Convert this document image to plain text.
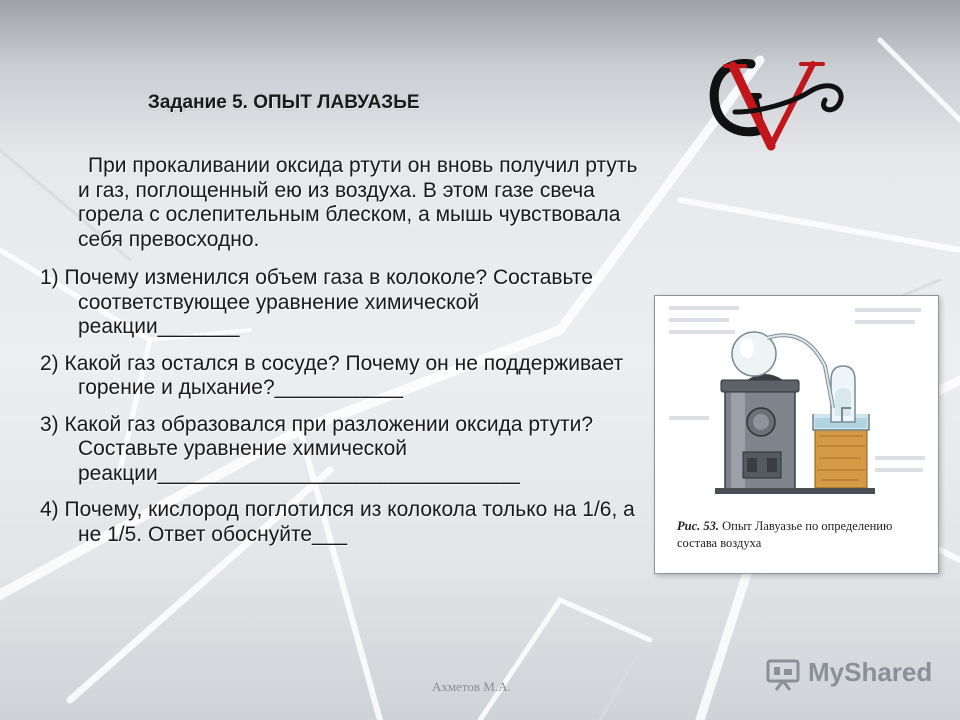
Задание 5. ОПЫТ ЛАВУАЗЬЕ

При прокаливании оксида ртути он вновь получил ртуть и газ, поглощенный ею из воздуха. В этом газе свеча горела с ослепительным блеском, а мышь чувствовала себя превосходно.

1) Почему изменился объем газа в колоколе? Составьте соответствующее уравнение химической реакции_______

2) Какой газ остался в сосуде? Почему он не поддерживает горение и дыхание?___________

3) Какой газ образовался при разложении оксида ртути? Составьте уравнение химической реакции_______________________________

4) Почему, кислород поглотился из колокола только на 1/6, а не 1/5. Ответ обоснуйте___	Рис. 53. Опыт Лавуазье по определению состава воздуха
Ахметов М.А.	MyShared
